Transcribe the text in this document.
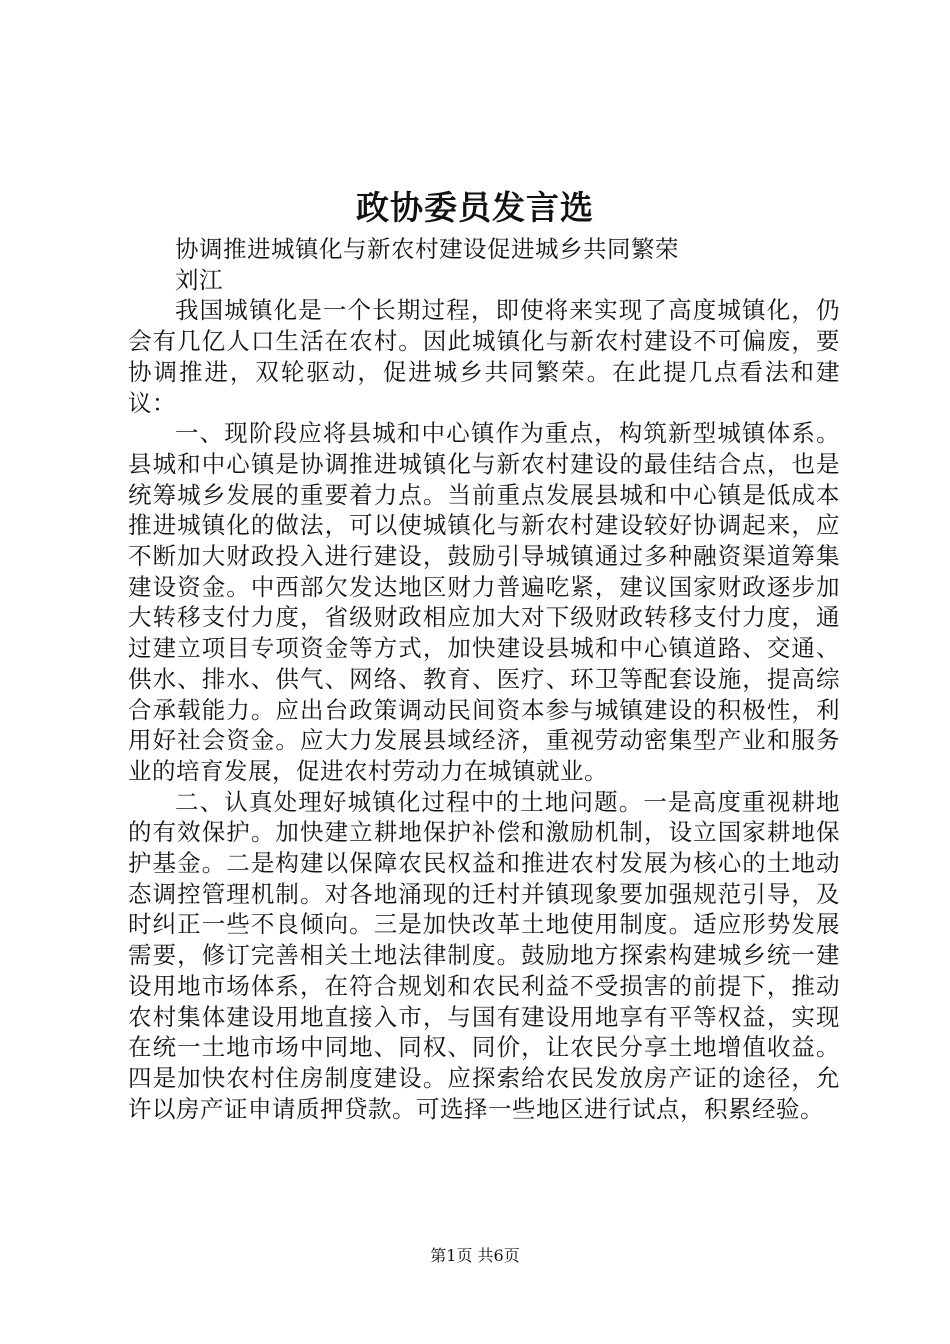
政协委员发言选

协调推进城镇化与新农村建设促进城乡共同繁荣

刘江

我国城镇化是一个长期过程，即使将来实现了高度城镇化，仍会有几亿人口生活在农村。因此城镇化与新农村建设不可偏废，要协调推进，双轮驱动，促进城乡共同繁荣。在此提几点看法和建议：

一、现阶段应将县城和中心镇作为重点，构筑新型城镇体系。县城和中心镇是协调推进城镇化与新农村建设的最佳结合点，也是统筹城乡发展的重要着力点。当前重点发展县城和中心镇是低成本推进城镇化的做法，可以使城镇化与新农村建设较好协调起来，应不断加大财政投入进行建设，鼓励引导城镇通过多种融资渠道筹集建设资金。中西部欠发达地区财力普遍吃紧，建议国家财政逐步加大转移支付力度，省级财政相应加大对下级财政转移支付力度，通过建立项目专项资金等方式，加快建设县城和中心镇道路、交通、供水、排水、供气、网络、教育、医疗、环卫等配套设施，提高综合承载能力。应出台政策调动民间资本参与城镇建设的积极性，利用好社会资金。应大力发展县域经济，重视劳动密集型产业和服务业的培育发展，促进农村劳动力在城镇就业。

二、认真处理好城镇化过程中的土地问题。一是高度重视耕地的有效保护。加快建立耕地保护补偿和激励机制，设立国家耕地保护基金。二是构建以保障农民权益和推进农村发展为核心的土地动态调控管理机制。对各地涌现的迁村并镇现象要加强规范引导，及时纠正一些不良倾向。三是加快改革土地使用制度。适应形势发展需要，修订完善相关土地法律制度。鼓励地方探索构建城乡统一建设用地市场体系，在符合规划和农民利益不受损害的前提下，推动农村集体建设用地直接入市，与国有建设用地享有平等权益，实现在统一土地市场中同地、同权、同价，让农民分享土地增值收益。四是加快农村住房制度建设。应探索给农民发放房产证的途径，允许以房产证申请质押贷款。可选择一些地区进行试点，积累经验。

第1页 共6页
